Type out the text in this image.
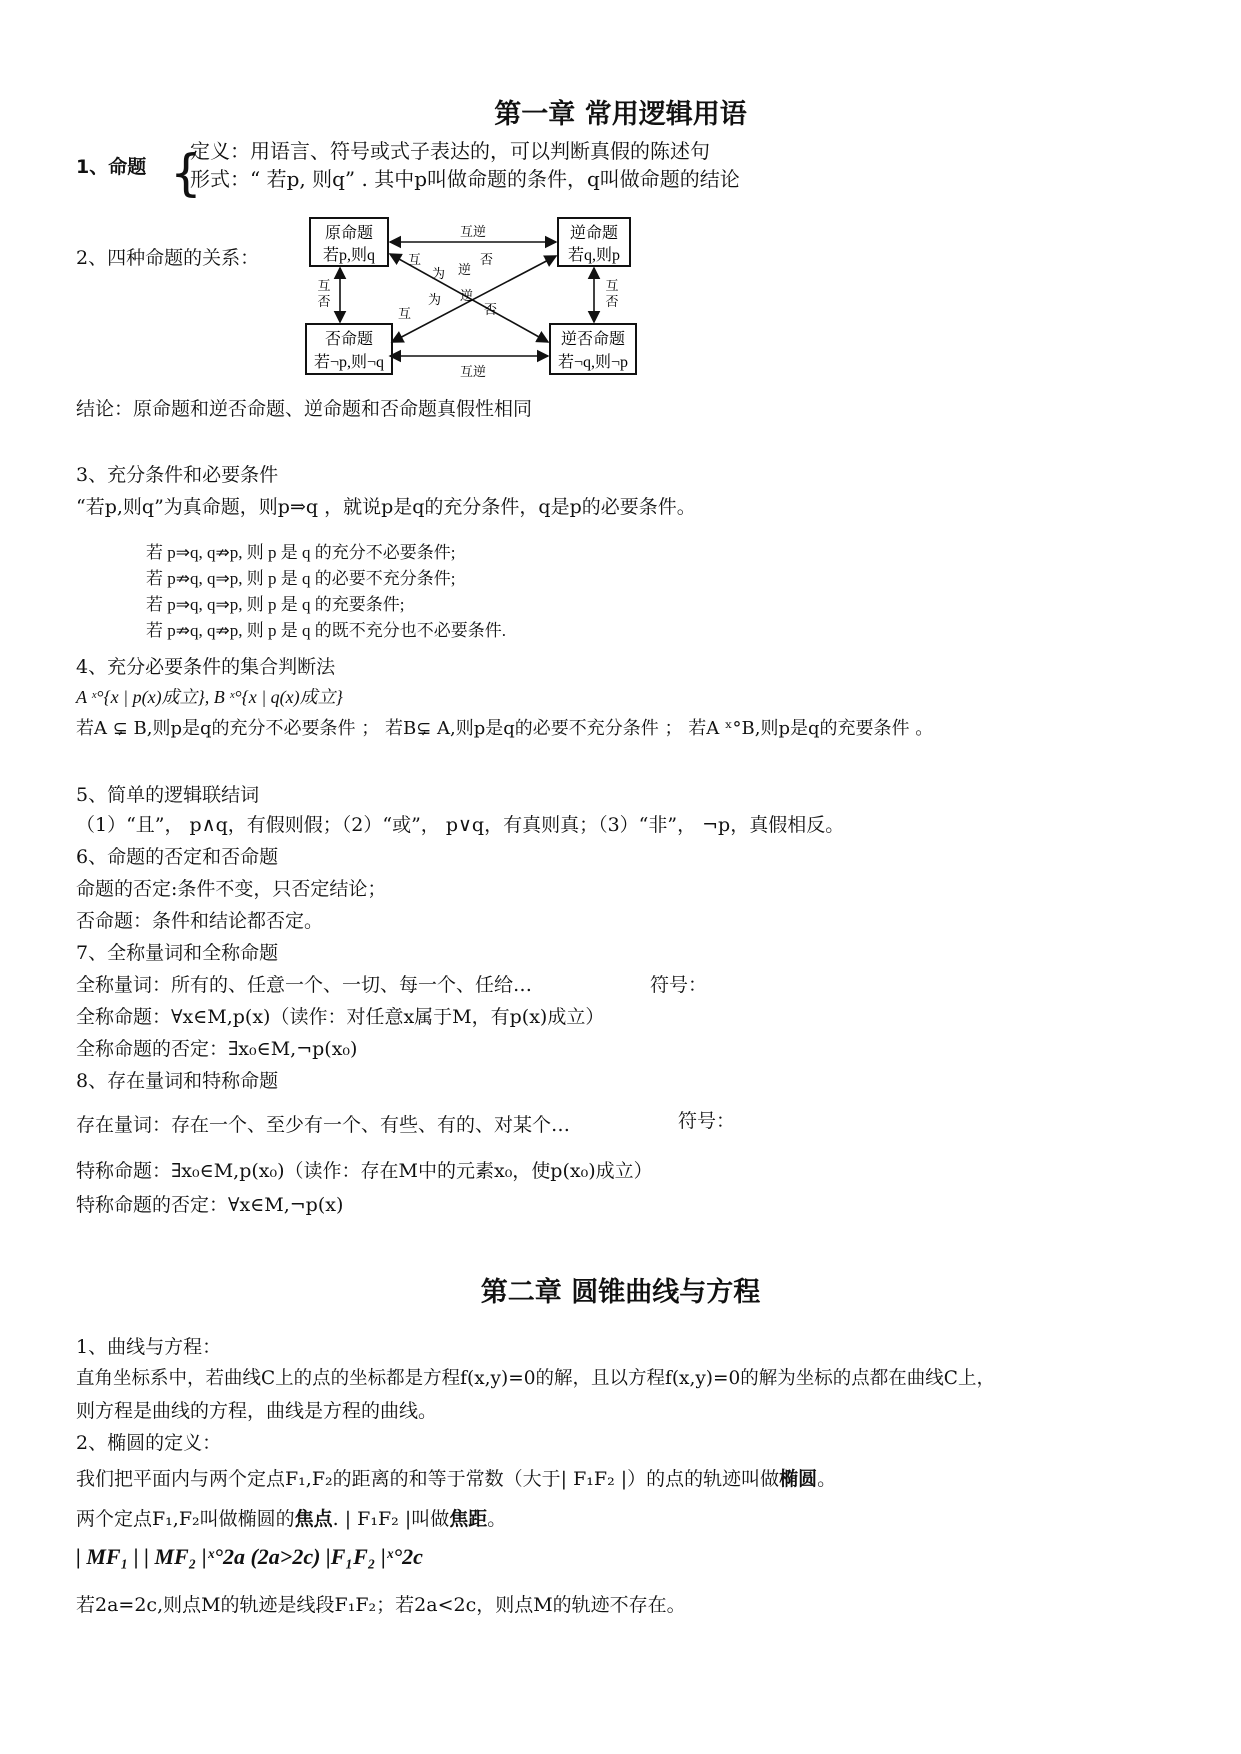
第一章 常用逻辑用语
1、命题 {
定义：用语言、符号或式子表达的，可以判断真假的陈述句
形式：“ 若p, 则q” . 其中p叫做命题的条件，q叫做命题的结论
2、四种命题的关系：
原命题
若p,则q
逆命题
若q,则p
否命题
若¬p,则¬q
逆否命题
若¬q,则¬p
互逆
互逆
互
否
互
否
互
为 逆
否
逆
否
互
为
结论：原命题和逆否命题、逆命题和否命题真假性相同
3、充分条件和必要条件
“若p,则q”为真命题，则p⇒q ，就说p是q的充分条件，q是p的必要条件。
若 p⇒q, q⇏p, 则 p 是 q 的充分不必要条件;
若 p⇏q, q⇒p, 则 p 是 q 的必要不充分条件;
若 p⇒q, q⇒p, 则 p 是 q 的充要条件;
若 p⇏q, q⇏p, 则 p 是 q 的既不充分也不必要条件.
4、充分必要条件的集合判断法
A ˣ°{x | p(x)成立}, B ˣ°{x | q(x)成立}
若A ⊊ B,则p是q的充分不必要条件 ； 若B⊊ A,则p是q的必要不充分条件 ； 若A ˣ°B,则p是q的充要条件 。
5、简单的逻辑联结词
（1）“且”， p∧q，有假则假；（2）“或”， p∨q，有真则真；（3）“非”， ¬p，真假相反。
6、命题的否定和否命题
命题的否定:条件不变，只否定结论；
否命题：条件和结论都否定。
7、全称量词和全称命题
全称量词：所有的、任意一个、一切、每一个、任给…	符号：
全称命题：∀x∈M,p(x)（读作：对任意x属于M，有p(x)成立）
全称命题的否定：∃x₀∈M,¬p(x₀)
8、存在量词和特称命题
存在量词：存在一个、至少有一个、有些、有的、对某个…	符号：
特称命题：∃x₀∈M,p(x₀)（读作：存在M中的元素x₀，使p(x₀)成立）
特称命题的否定：∀x∈M,¬p(x)
第二章 圆锥曲线与方程
1、曲线与方程：
直角坐标系中，若曲线C上的点的坐标都是方程f(x,y)=0的解，且以方程f(x,y)=0的解为坐标的点都在曲线C上，
则方程是曲线的方程，曲线是方程的曲线。
2、椭圆的定义：
我们把平面内与两个定点F₁,F₂的距离的和等于常数（大于| F₁F₂ |）的点的轨迹叫做椭圆。
两个定点F₁,F₂叫做椭圆的焦点. | F₁F₂ |叫做焦距。
| MF₁ | | MF₂ |ˣ°2a (2a>2c) |F₁F₂ |ˣ°2c
若2a=2c,则点M的轨迹是线段F₁F₂；若2a<2c，则点M的轨迹不存在。
